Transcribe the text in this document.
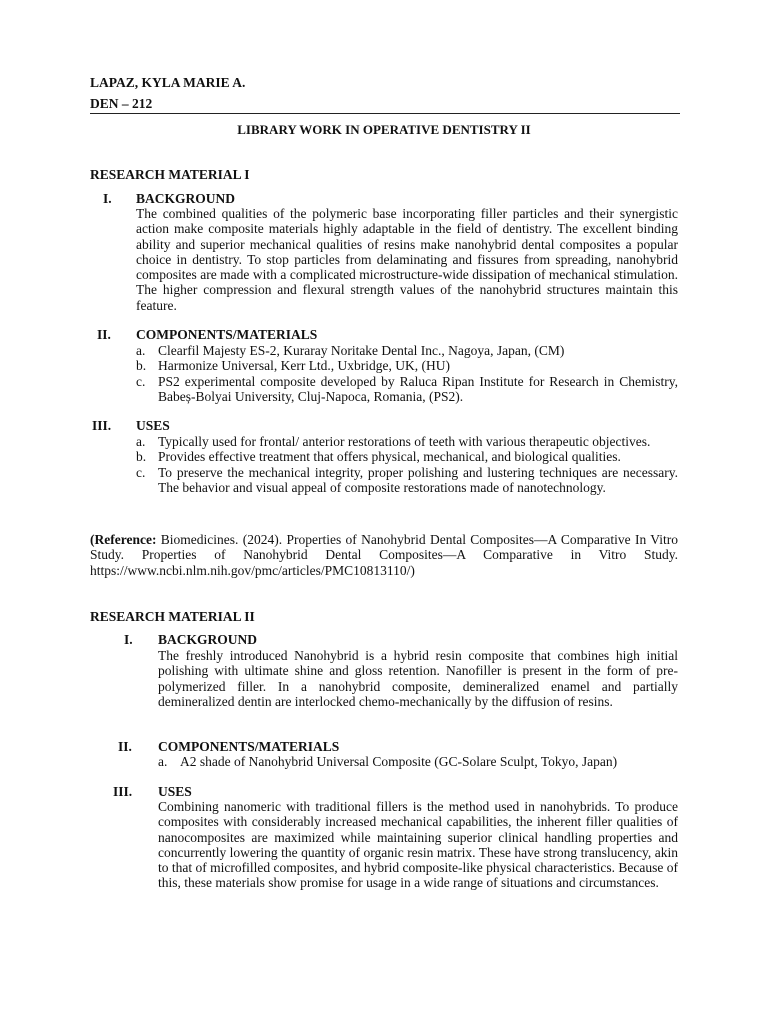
LAPAZ, KYLA MARIE A.
DEN – 212
LIBRARY WORK IN OPERATIVE DENTISTRY II
RESEARCH MATERIAL I
I. BACKGROUND
The combined qualities of the polymeric base incorporating filler particles and their synergistic action make composite materials highly adaptable in the field of dentistry. The excellent binding ability and superior mechanical qualities of resins make nanohybrid dental composites a popular choice in dentistry. To stop particles from delaminating and fissures from spreading, nanohybrid composites are made with a complicated microstructure-wide dissipation of mechanical stimulation. The higher compression and flexural strength values of the nanohybrid structures maintain this feature.
II. COMPONENTS/MATERIALS
a. Clearfil Majesty ES-2, Kuraray Noritake Dental Inc., Nagoya, Japan, (CM)
b. Harmonize Universal, Kerr Ltd., Uxbridge, UK, (HU)
c. PS2 experimental composite developed by Raluca Ripan Institute for Research in Chemistry, Babeș-Bolyai University, Cluj-Napoca, Romania, (PS2).
III. USES
a. Typically used for frontal/ anterior restorations of teeth with various therapeutic objectives.
b. Provides effective treatment that offers physical, mechanical, and biological qualities.
c. To preserve the mechanical integrity, proper polishing and lustering techniques are necessary. The behavior and visual appeal of composite restorations made of nanotechnology.
(Reference: Biomedicines. (2024). Properties of Nanohybrid Dental Composites—A Comparative In Vitro Study. Properties of Nanohybrid Dental Composites—A Comparative in Vitro Study. https://www.ncbi.nlm.nih.gov/pmc/articles/PMC10813110/)
RESEARCH MATERIAL II
I. BACKGROUND
The freshly introduced Nanohybrid is a hybrid resin composite that combines high initial polishing with ultimate shine and gloss retention. Nanofiller is present in the form of pre-polymerized filler. In a nanohybrid composite, demineralized enamel and partially demineralized dentin are interlocked chemo-mechanically by the diffusion of resins.
II. COMPONENTS/MATERIALS
a. A2 shade of Nanohybrid Universal Composite (GC-Solare Sculpt, Tokyo, Japan)
III. USES
Combining nanomeric with traditional fillers is the method used in nanohybrids. To produce composites with considerably increased mechanical capabilities, the inherent filler qualities of nanocomposites are maximized while maintaining superior clinical handling properties and concurrently lowering the quantity of organic resin matrix. These have strong translucency, akin to that of microfilled composites, and hybrid composite-like physical characteristics. Because of this, these materials show promise for usage in a wide range of situations and circumstances.
